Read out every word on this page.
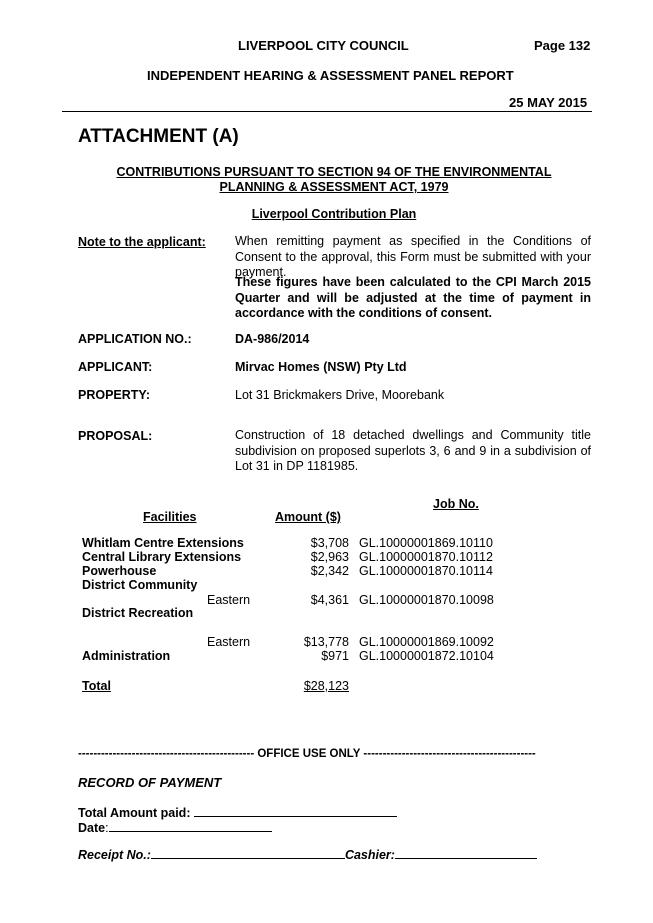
LIVERPOOL CITY COUNCIL	Page 132
INDEPENDENT HEARING & ASSESSMENT PANEL REPORT
25 MAY 2015
ATTACHMENT (A)
CONTRIBUTIONS PURSUANT TO SECTION 94 OF THE ENVIRONMENTAL
PLANNING & ASSESSMENT ACT, 1979
Liverpool Contribution Plan
Note to the applicant: When remitting payment as specified in the Conditions of Consent to the approval, this Form must be submitted with your payment.
These figures have been calculated to the CPI March 2015 Quarter and will be adjusted at the time of payment in accordance with the conditions of consent.
APPLICATION NO.:	DA-986/2014
APPLICANT:	Mirvac Homes (NSW) Pty Ltd
PROPERTY:	Lot 31 Brickmakers Drive, Moorebank
PROPOSAL:	Construction of 18 detached dwellings and Community title subdivision on proposed superlots 3, 6 and 9 in a subdivision of Lot 31 in DP 1181985.
Job No.
Facilities	Amount ($)
Whitlam Centre Extensions	$3,708 GL.10000001869.10110
Central Library Extensions	$2,963 GL.10000001870.10112
Powerhouse	$2,342 GL.10000001870.10114
District Community
Eastern	$4,361 GL.10000001870.10098
District Recreation
Eastern	$13,778 GL.10000001869.10092
Administration	$971 GL.10000001872.10104
Total	$28,123
---------------------------------------------- OFFICE USE ONLY ---------------------------------------------
RECORD OF PAYMENT
Total Amount paid:
Date:
Receipt No.:	Cashier:
